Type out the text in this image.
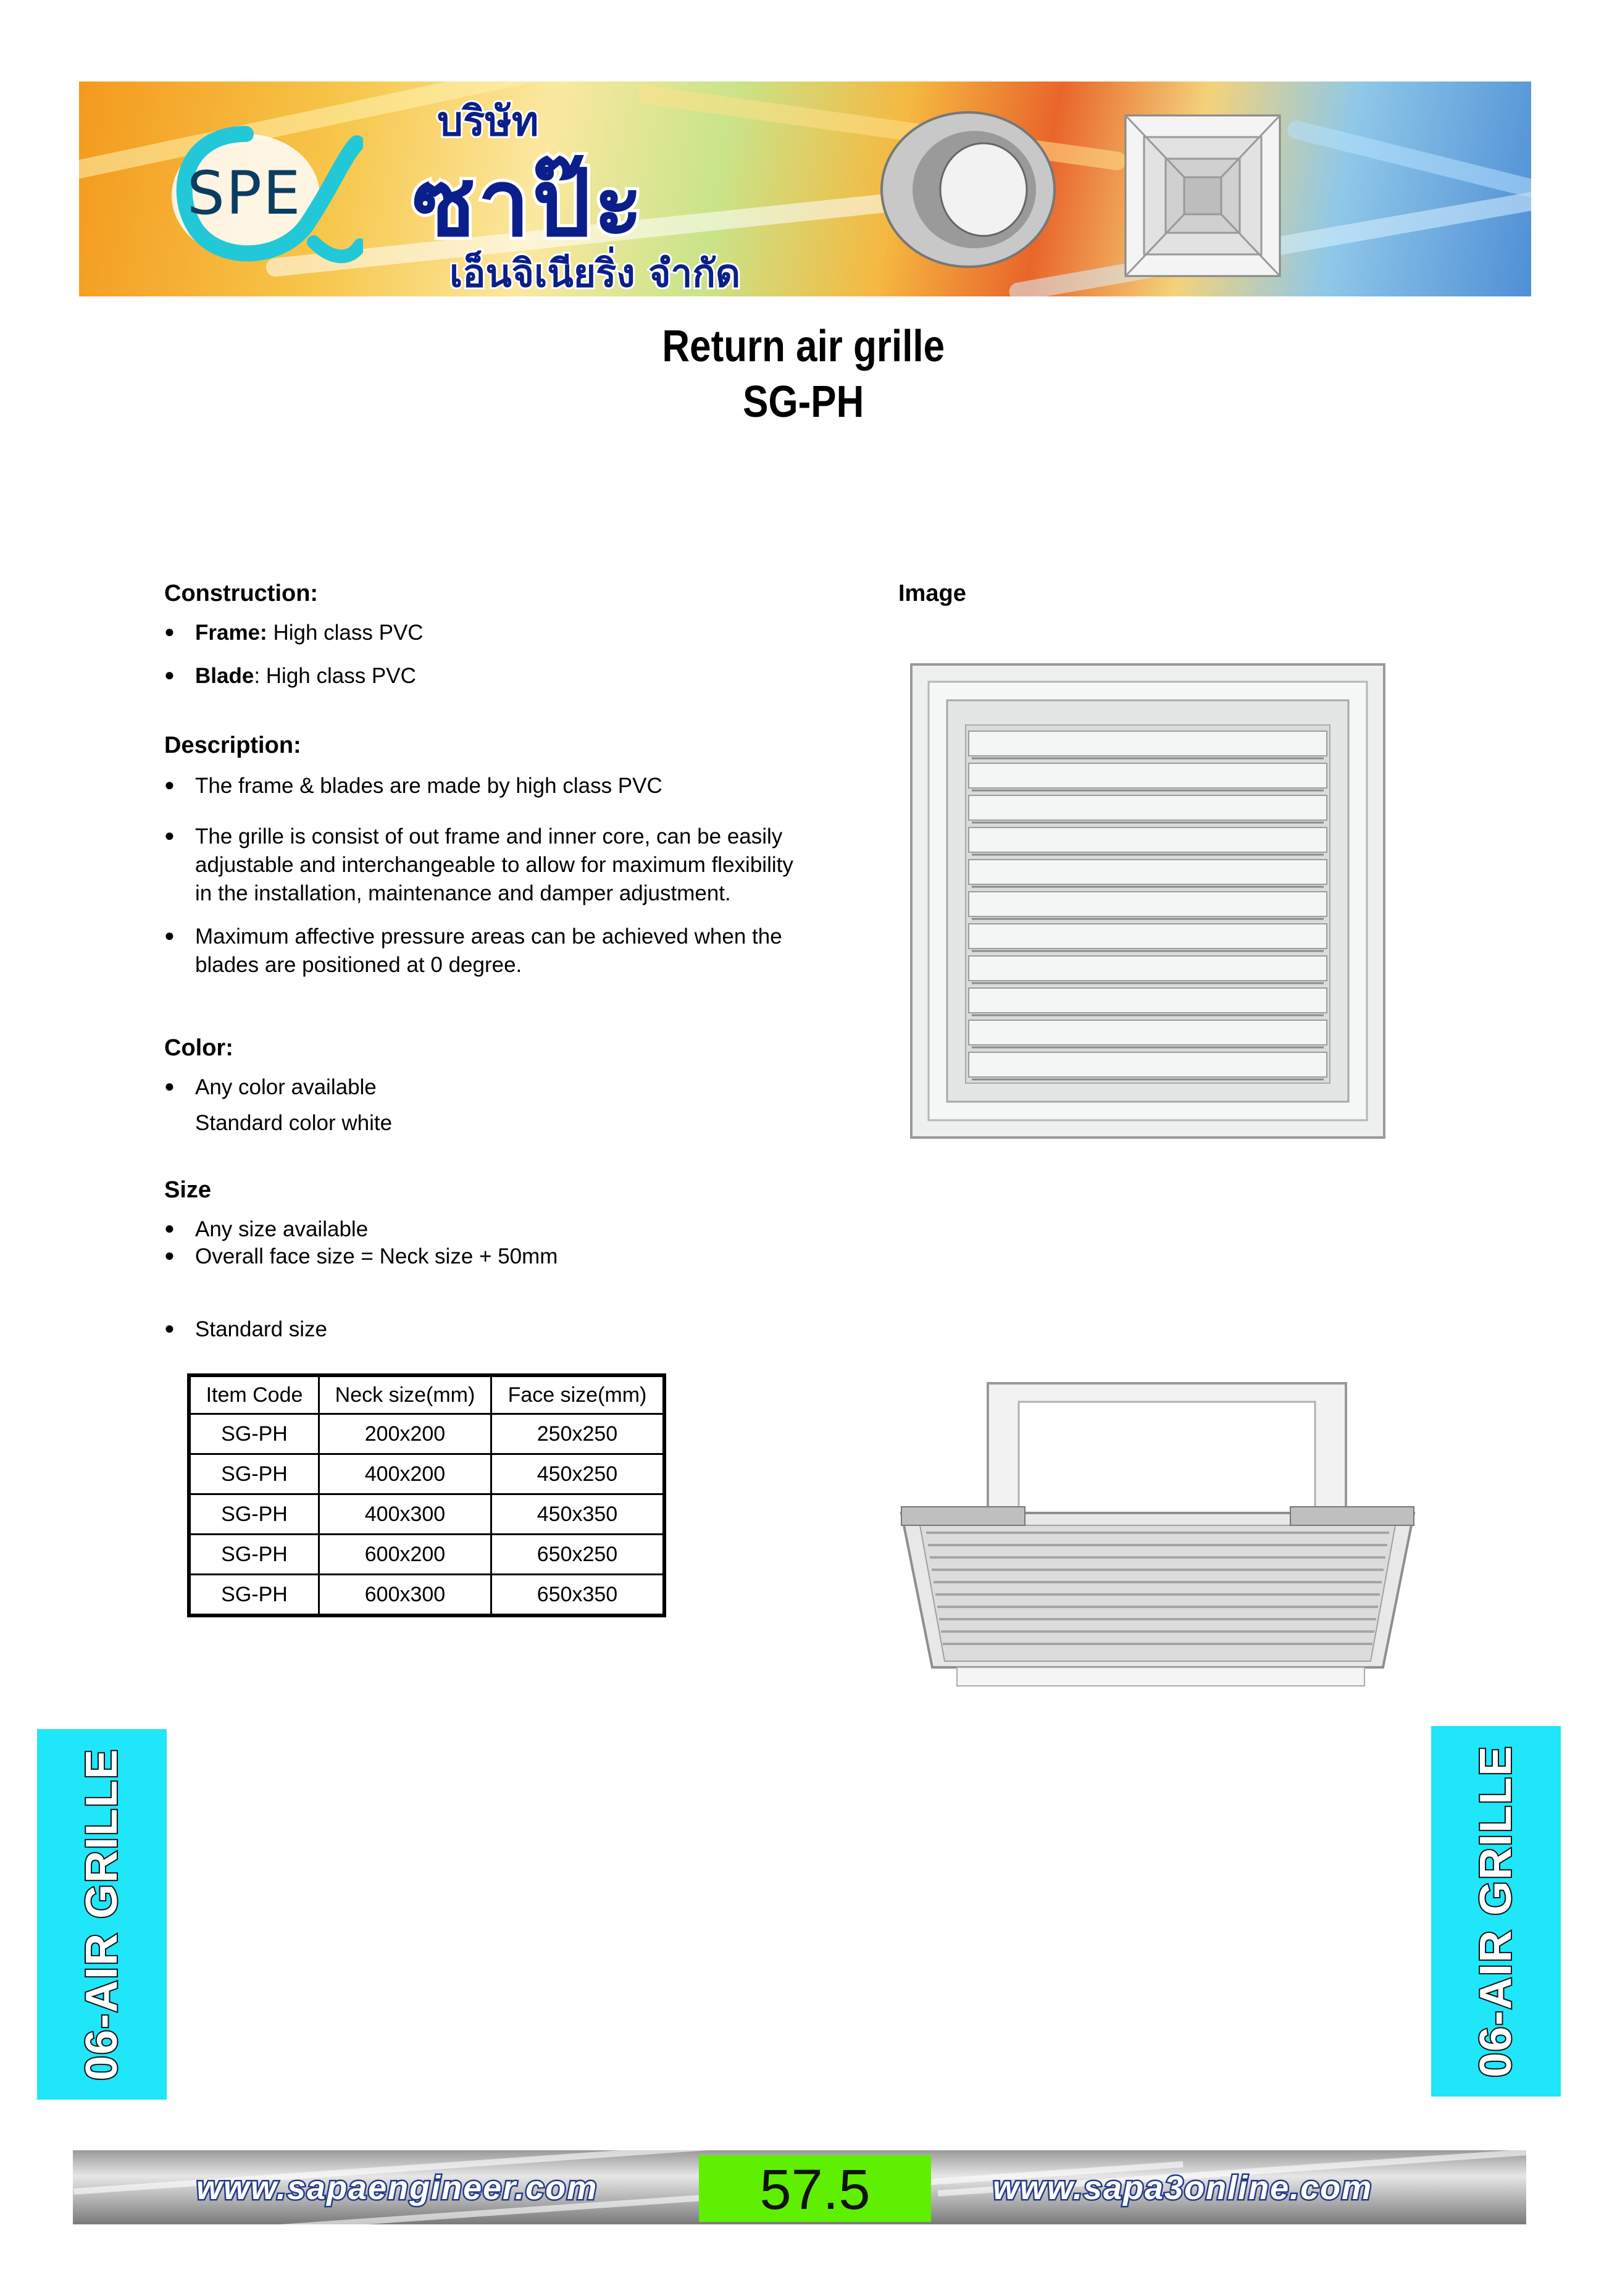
SPE
บริษัท
ซาป๊ะ
เอ็นจิเนียริ่ง จำกัด
Return air grille
SG-PH
Construction:
● Frame: High class PVC
● Blade: High class PVC
Description:
● The frame & blades are made by high class PVC
● The grille is consist of out frame and inner core, can be easily
adjustable and interchangeable to allow for maximum flexibility
in the installation, maintenance and damper adjustment.
● Maximum affective pressure areas can be achieved when the
blades are positioned at 0 degree.
Color:
● Any color available
Standard color white
Size
● Any size available
● Overall face size = Neck size + 50mm
● Standard size
Item Code	Neck size(mm)	Face size(mm)
SG-PH	200x200	250x250
SG-PH	400x200	450x250
SG-PH	400x300	450x350
SG-PH	600x200	650x250
SG-PH	600x300	650x350
Image
06-AIR GRILLE	06-AIR GRILLE
www.sapaengineer.com	www.sapa3online.com
57.5
